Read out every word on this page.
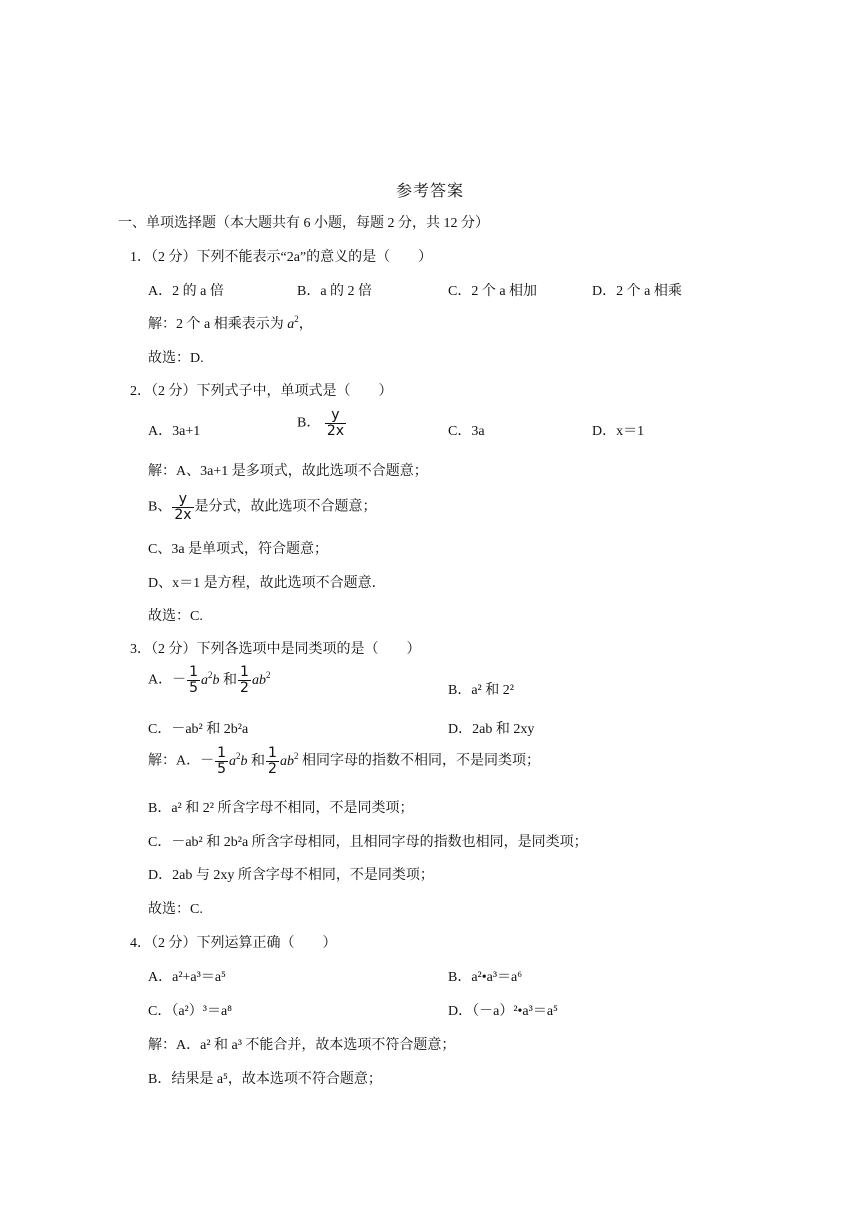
参考答案
一、单项选择题（本大题共有 6 小题，每题 2 分，共 12 分）
1．（2 分）下列不能表示“2a”的意义的是（　　）
A．2 的 a 倍	B．a 的 2 倍	C．2 个 a 相加	D．2 个 a 相乘
解：2 个 a 相乘表示为 $a^2$，
故选：D.
2．（2 分）下列式子中，单项式是（　　）
A．3a+1
B． $\frac{y}{2x}$	C．3a	D．x＝1
解：A、3a+1 是多项式，故此选项不合题意；
B、 $\frac{y}{2x}$ 是分式，故此选项不合题意；
C、3a 是单项式，符合题意；
D、x＝1 是方程，故此选项不合题意．
故选：C.
3．（2 分）下列各选项中是同类项的是（　　）
A．－ $\frac{1}{5} a^2b$ 和 $\frac{1}{2} ab^2$
B．a² 和 2²
C．－ab² 和 2b²a	D．2ab 和 2xy
解：A．－ $\frac{1}{5} a^2b$ 和 $\frac{1}{2} ab^2$ 相同字母的指数不相同，不是同类项；
B．a² 和 2² 所含字母不相同，不是同类项；
C．－ab² 和 2b²a 所含字母相同，且相同字母的指数也相同，是同类项；
D．2ab 与 2xy 所含字母不相同，不是同类项；
故选：C.
4．（2 分）下列运算正确（　　）
A．a²+a³＝a⁵	B．a²•a³＝a⁶
C．（a²）³＝a⁸	D．（－a）²•a³＝a⁵
解：A．a² 和 a³ 不能合并，故本选项不符合题意；
B．结果是 a⁵，故本选项不符合题意；
